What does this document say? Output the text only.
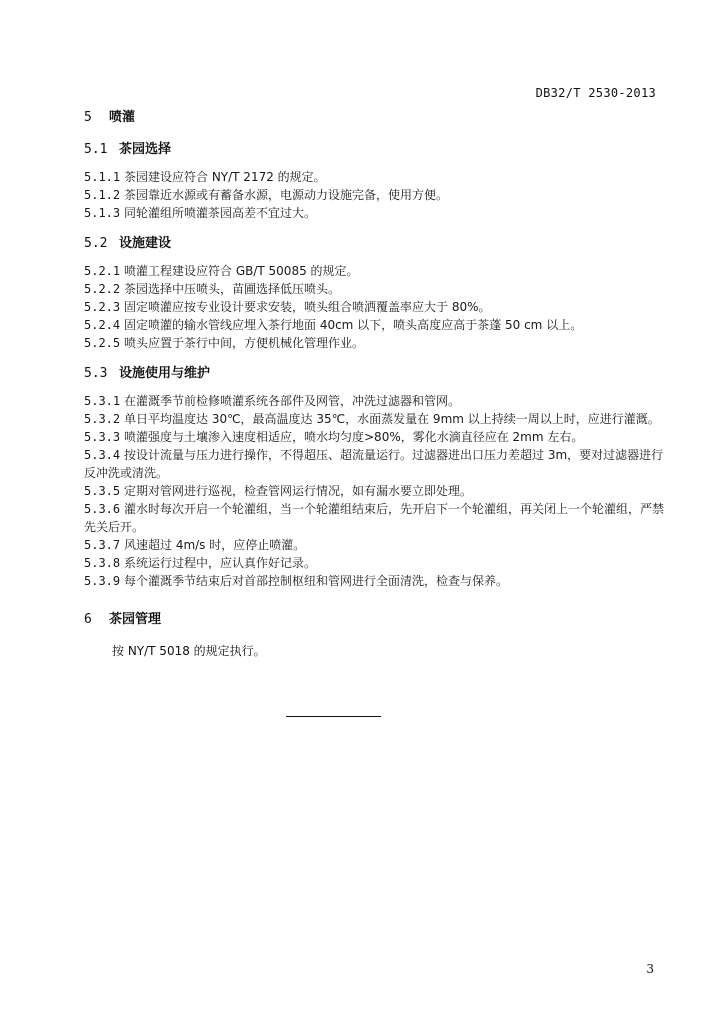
DB32/T 2530-2013
5 喷灌
5.1 茶园选择
5.1.1 茶园建设应符合 NY/T 2172 的规定。
5.1.2 茶园靠近水源或有蓄备水源，电源动力设施完备，使用方便。
5.1.3 同轮灌组所喷灌茶园高差不宜过大。
5.2 设施建设
5.2.1 喷灌工程建设应符合 GB/T 50085 的规定。
5.2.2 茶园选择中压喷头，苗圃选择低压喷头。
5.2.3 固定喷灌应按专业设计要求安装，喷头组合喷洒覆盖率应大于 80%。
5.2.4 固定喷灌的输水管线应埋入茶行地面 40cm 以下，喷头高度应高于茶蓬 50 cm 以上。
5.2.5 喷头应置于茶行中间，方便机械化管理作业。
5.3 设施使用与维护
5.3.1 在灌溉季节前检修喷灌系统各部件及网管，冲洗过滤器和管网。
5.3.2 单日平均温度达 30℃，最高温度达 35℃，水面蒸发量在 9mm 以上持续一周以上时，应进行灌溉。
5.3.3 喷灌强度与土壤渗入速度相适应，喷水均匀度>80%，雾化水滴直径应在 2mm 左右。
5.3.4 按设计流量与压力进行操作，不得超压、超流量运行。过滤器进出口压力差超过 3m，要对过滤器进行反冲洗或清洗。
5.3.5 定期对管网进行巡视，检查管网运行情况，如有漏水要立即处理。
5.3.6 灌水时每次开启一个轮灌组，当一个轮灌组结束后，先开启下一个轮灌组，再关闭上一个轮灌组，严禁先关后开。
5.3.7 风速超过 4m/s 时，应停止喷灌。
5.3.8 系统运行过程中，应认真作好记录。
5.3.9 每个灌溉季节结束后对首部控制枢纽和管网进行全面清洗，检查与保养。
6 茶园管理
按 NY/T 5018 的规定执行。
3
